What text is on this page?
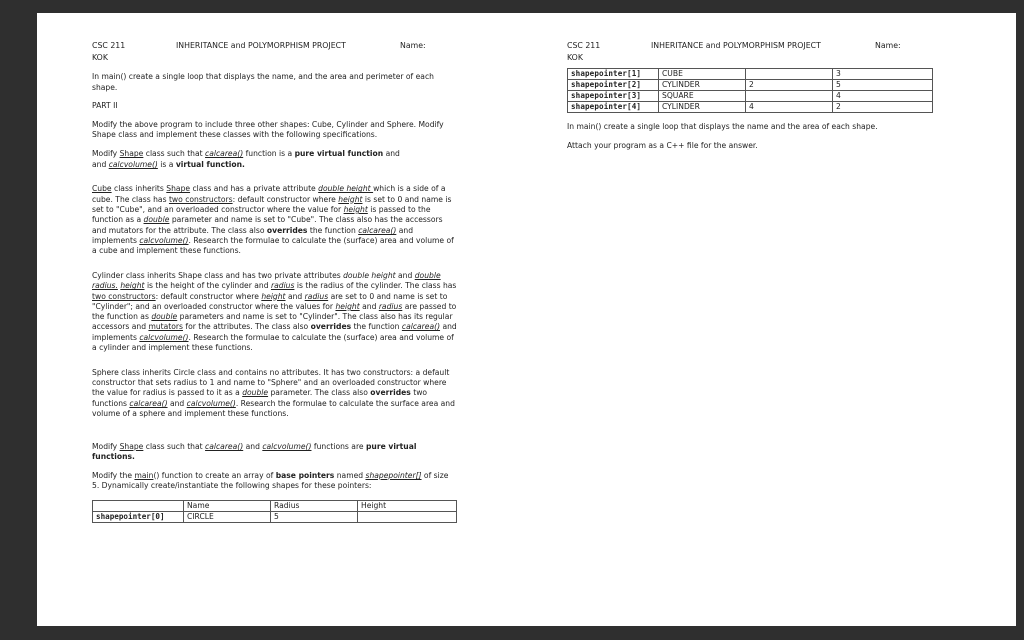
CSC 211	INHERITANCE and POLYMORPHISM PROJECT	Name:
KOK

In main() create a single loop that displays the name, and the area and perimeter of each shape.

PART II

Modify the above program to include three other shapes: Cube, Cylinder and Sphere. Modify Shape class and implement these classes with the following specifications.

Modify Shape class such that calcarea() function is a pure virtual function and
and calcvolume() is a virtual function.

Cube class inherits Shape class and has a private attribute double height which is a side of a cube. The class has two constructors: default constructor where height is set to 0 and name is set to "Cube", and an overloaded constructor where the value for height is passed to the function as a double parameter and name is set to "Cube". The class also has the accessors and mutators for the attribute. The class also overrides the function calcarea() and implements calcvolume(). Research the formulae to calculate the (surface) area and volume of a cube and implement these functions.

Cylinder class inherits Shape class and has two private attributes double height and double radius. height is the height of the cylinder and radius is the radius of the cylinder. The class has two constructors: default constructor where height and radius are set to 0 and name is set to "Cylinder"; and an overloaded constructor where the values for height and radius are passed to the function as double parameters and name is set to "Cylinder". The class also has its regular accessors and mutators for the attributes. The class also overrides the function calcarea() and implements calcvolume(). Research the formulae to calculate the (surface) area and volume of a cylinder and implement these functions.

Sphere class inherits Circle class and contains no attributes. It has two constructors: a default constructor that sets radius to 1 and name to "Sphere" and an overloaded constructor where the value for radius is passed to it as a double parameter. The class also overrides two functions calcarea() and calcvolume(). Research the formulae to calculate the surface area and volume of a sphere and implement these functions.

Modify Shape class such that calcarea() and calcvolume() functions are pure virtual functions.

Modify the main() function to create an array of base pointers named shapepointer[] of size 5. Dynamically create/instantiate the following shapes for these pointers:

	Name	Radius	Height
shapepointer[0]	CIRCLE	5	
CSC 211	INHERITANCE and POLYMORPHISM PROJECT	Name:
KOK
shapepointer[1]	CUBE		3
shapepointer[2]	CYLINDER	2	5
shapepointer[3]	SQUARE		4
shapepointer[4]	CYLINDER	4	2

In main() create a single loop that displays the name and the area of each shape.

Attach your program as a C++ file for the answer.
